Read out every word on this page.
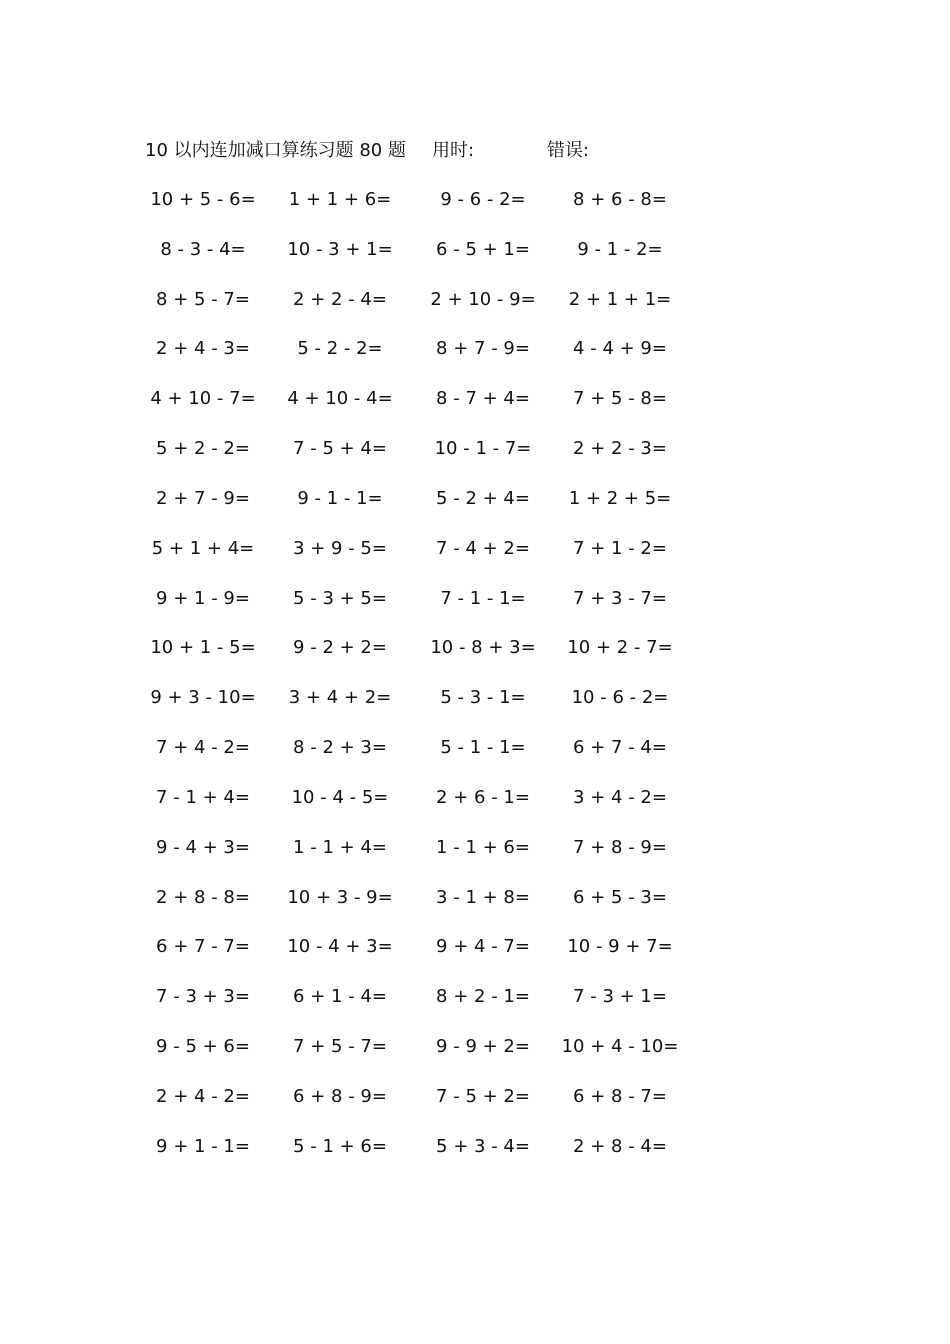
10 以内连加减口算练习题 80 题 用时:	错误:
10 + 5 - 6=	1 + 1 + 6=	9 - 6 - 2=	8 + 6 - 8=
8 - 3 - 4=	10 - 3 + 1=	6 - 5 + 1=	9 - 1 - 2=
8 + 5 - 7=	2 + 2 - 4=	2 + 10 - 9=	2 + 1 + 1=
2 + 4 - 3=	5 - 2 - 2=	8 + 7 - 9=	4 - 4 + 9=
4 + 10 - 7=	4 + 10 - 4=	8 - 7 + 4=	7 + 5 - 8=
5 + 2 - 2=	7 - 5 + 4=	10 - 1 - 7=	2 + 2 - 3=
2 + 7 - 9=	9 - 1 - 1=	5 - 2 + 4=	1 + 2 + 5=
5 + 1 + 4=	3 + 9 - 5=	7 - 4 + 2=	7 + 1 - 2=
9 + 1 - 9=	5 - 3 + 5=	7 - 1 - 1=	7 + 3 - 7=
10 + 1 - 5=	9 - 2 + 2=	10 - 8 + 3=	10 + 2 - 7=
9 + 3 - 10=	3 + 4 + 2=	5 - 3 - 1=	10 - 6 - 2=
7 + 4 - 2=	8 - 2 + 3=	5 - 1 - 1=	6 + 7 - 4=
7 - 1 + 4=	10 - 4 - 5=	2 + 6 - 1=	3 + 4 - 2=
9 - 4 + 3=	1 - 1 + 4=	1 - 1 + 6=	7 + 8 - 9=
2 + 8 - 8=	10 + 3 - 9=	3 - 1 + 8=	6 + 5 - 3=
6 + 7 - 7=	10 - 4 + 3=	9 + 4 - 7=	10 - 9 + 7=
7 - 3 + 3=	6 + 1 - 4=	8 + 2 - 1=	7 - 3 + 1=
9 - 5 + 6=	7 + 5 - 7=	9 - 9 + 2=	10 + 4 - 10=
2 + 4 - 2=	6 + 8 - 9=	7 - 5 + 2=	6 + 8 - 7=
9 + 1 - 1=	5 - 1 + 6=	5 + 3 - 4=	2 + 8 - 4=
